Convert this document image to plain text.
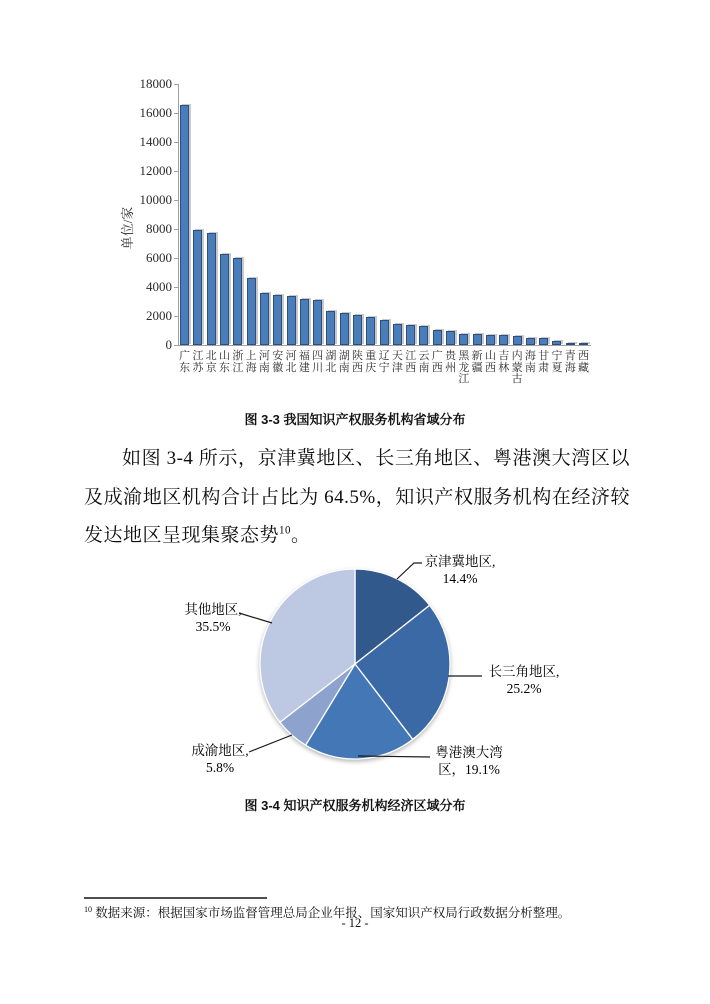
单位/家
0
2000
4000
6000
8000
10000
12000
14000
16000
18000
广东
江苏
北京
山东
浙江
上海
河南
安徽
河北
福建
四川
湖北
湖南
陕西
重庆
辽宁
天津
江西
云南
广西
贵州
黑龙江
新疆
山西
吉林
内蒙古
海南
甘肃
宁夏
青海
西藏
图 3-3 我国知识产权服务机构省域分布

如图 3-4 所示，京津冀地区、长三角地区、粤港澳大湾区以及成渝地区机构合计占比为 64.5%，知识产权服务机构在经济较发达地区呈现集聚态势$^{10}$。

京津冀地区,
14.4%
长三角地区,
25.2%
粤港澳大湾
区，19.1%
成渝地区,
5.8%
其他地区,
35.5%
图 3-4 知识产权服务机构经济区域分布
$^{10}$ 数据来源：根据国家市场监督管理总局企业年报、国家知识产权局行政数据分析整理。
- 12 -
